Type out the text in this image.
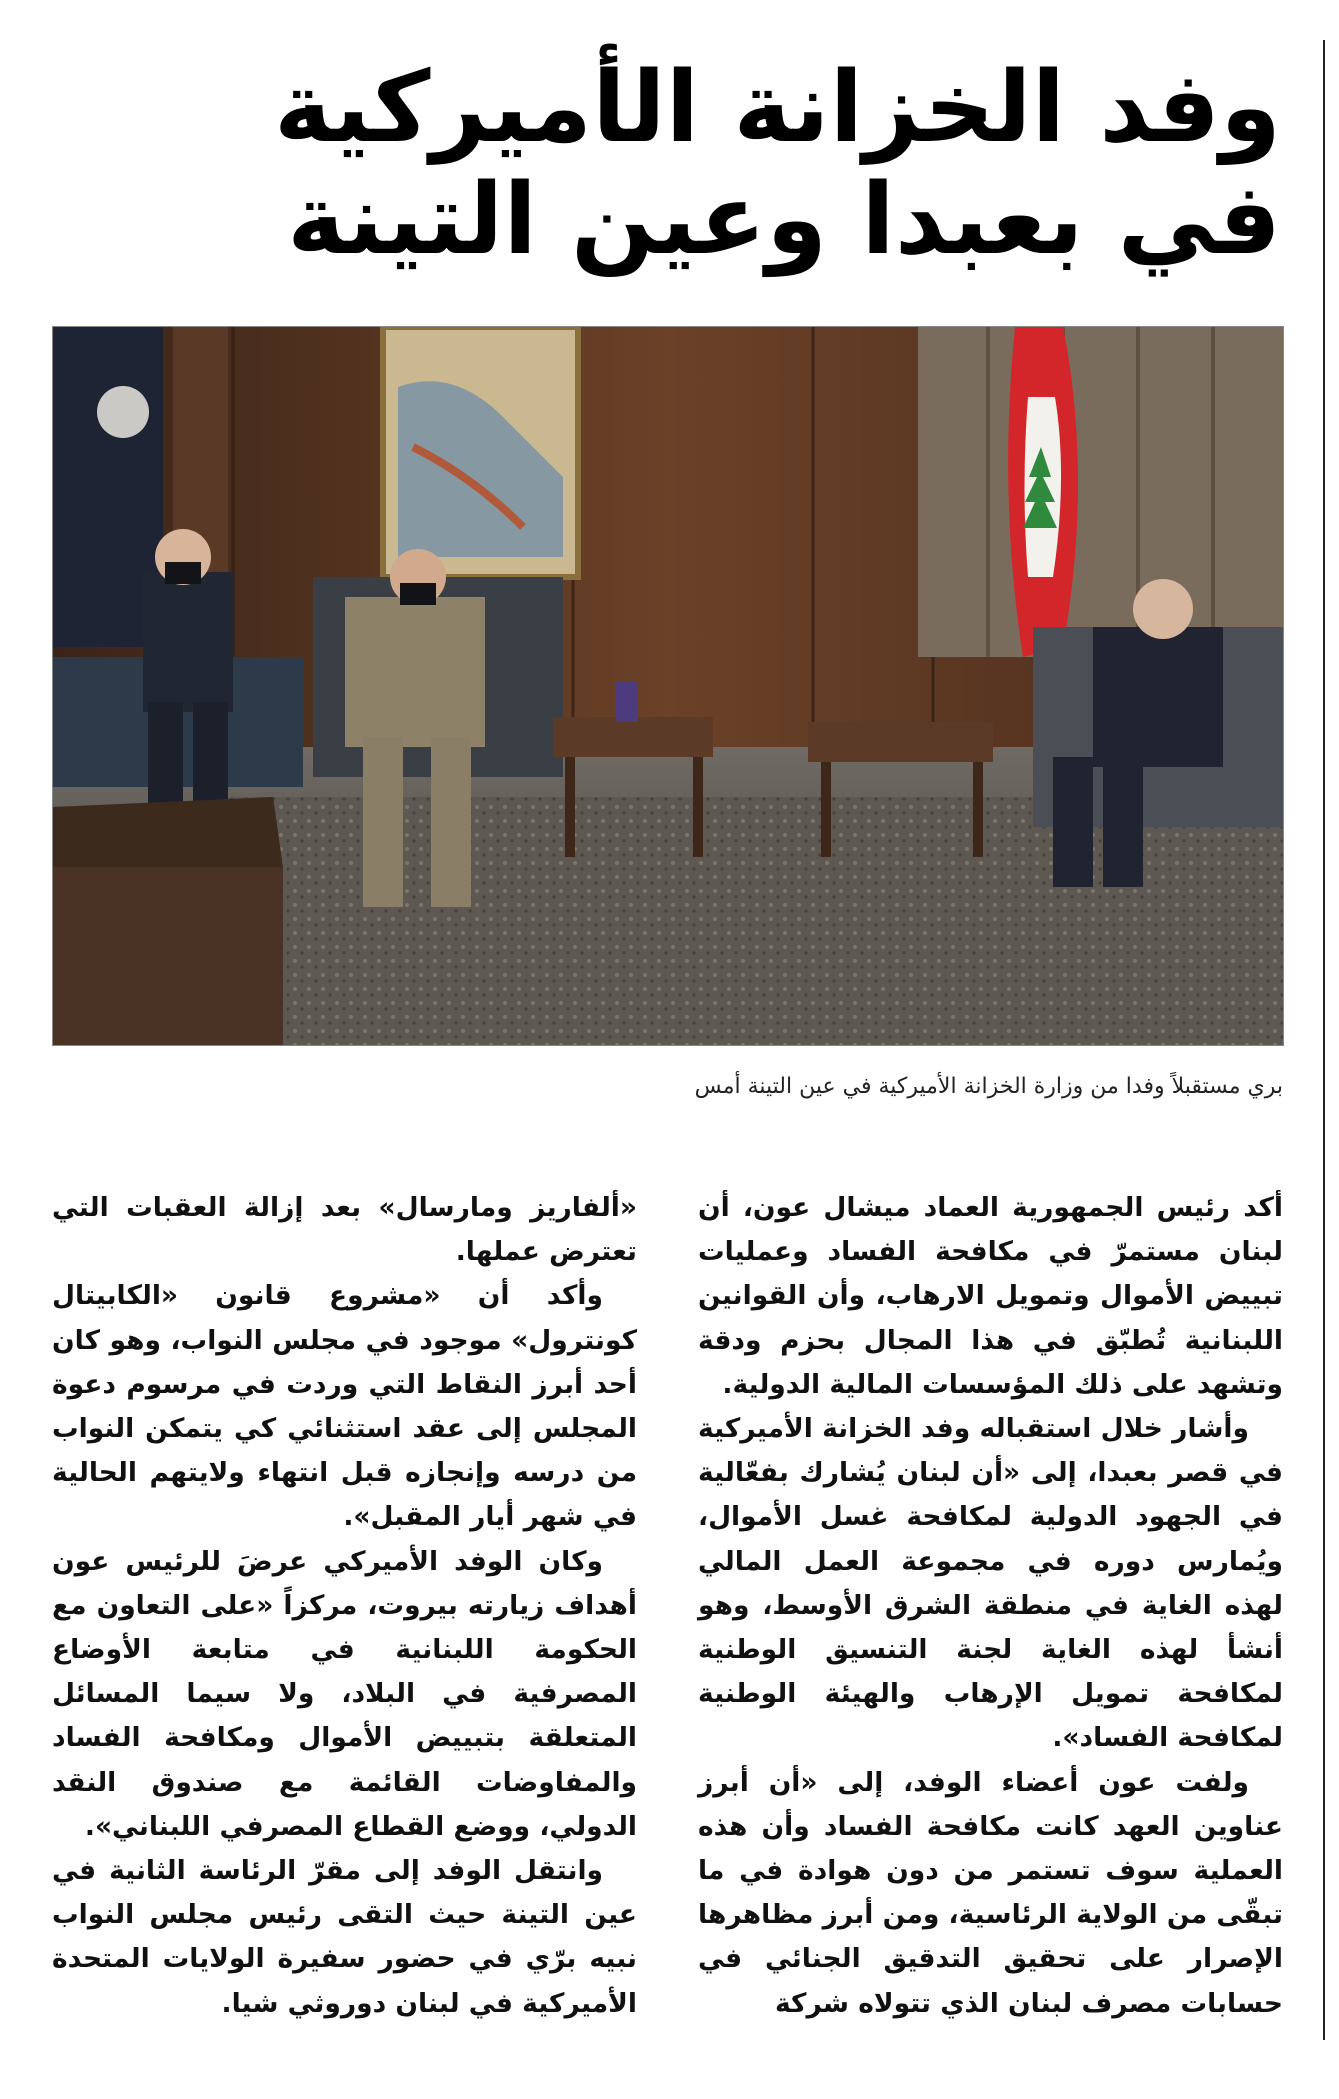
وفد الخزانة الأميركية
في بعبدا وعين التينة
بري مستقبلاً وفدا من وزارة الخزانة الأميركية في عين التينة أمس

أكد رئيس الجمهورية العماد ميشال عون، أن لبنان مستمرّ في مكافحة الفساد وعمليات تبييض الأموال وتمويل الارهاب، وأن القوانين اللبنانية تُطبّق في هذا المجال بحزم ودقة وتشهد على ذلك المؤسسات المالية الدولية.

وأشار خلال استقباله وفد الخزانة الأميركية في قصر بعبدا، إلى «أن لبنان يُشارك بفعّالية في الجهود الدولية لمكافحة غسل الأموال، ويُمارس دوره في مجموعة العمل المالي لهذه الغاية في منطقة الشرق الأوسط، وهو أنشأ لهذه الغاية لجنة التنسيق الوطنية لمكافحة تمويل الإرهاب والهيئة الوطنية لمكافحة الفساد».

ولفت عون أعضاء الوفد، إلى «أن أبرز عناوين العهد كانت مكافحة الفساد وأن هذه العملية سوف تستمر من دون هوادة في ما تبقّى من الولاية الرئاسية، ومن أبرز مظاهرها الإصرار على تحقيق التدقيق الجنائي في حسابات مصرف لبنان الذي تتولاه شركة

«ألفاريز ومارسال» بعد إزالة العقبات التي تعترض عملها.

وأكد أن «مشروع قانون «الكابيتال كونترول» موجود في مجلس النواب، وهو كان أحد أبرز النقاط التي وردت في مرسوم دعوة المجلس إلى عقد استثنائي كي يتمكن النواب من درسه وإنجازه قبل انتهاء ولايتهم الحالية في شهر أيار المقبل».

وكان الوفد الأميركي عرضَ للرئيس عون أهداف زيارته بيروت، مركزاً «على التعاون مع الحكومة اللبنانية في متابعة الأوضاع المصرفية في البلاد، ولا سيما المسائل المتعلقة بتبييض الأموال ومكافحة الفساد والمفاوضات القائمة مع صندوق النقد الدولي، ووضع القطاع المصرفي اللبناني».

وانتقل الوفد إلى مقرّ الرئاسة الثانية في عين التينة حيث التقى رئيس مجلس النواب نبيه برّي في حضور سفيرة الولايات المتحدة الأميركية في لبنان دوروثي شيا.
